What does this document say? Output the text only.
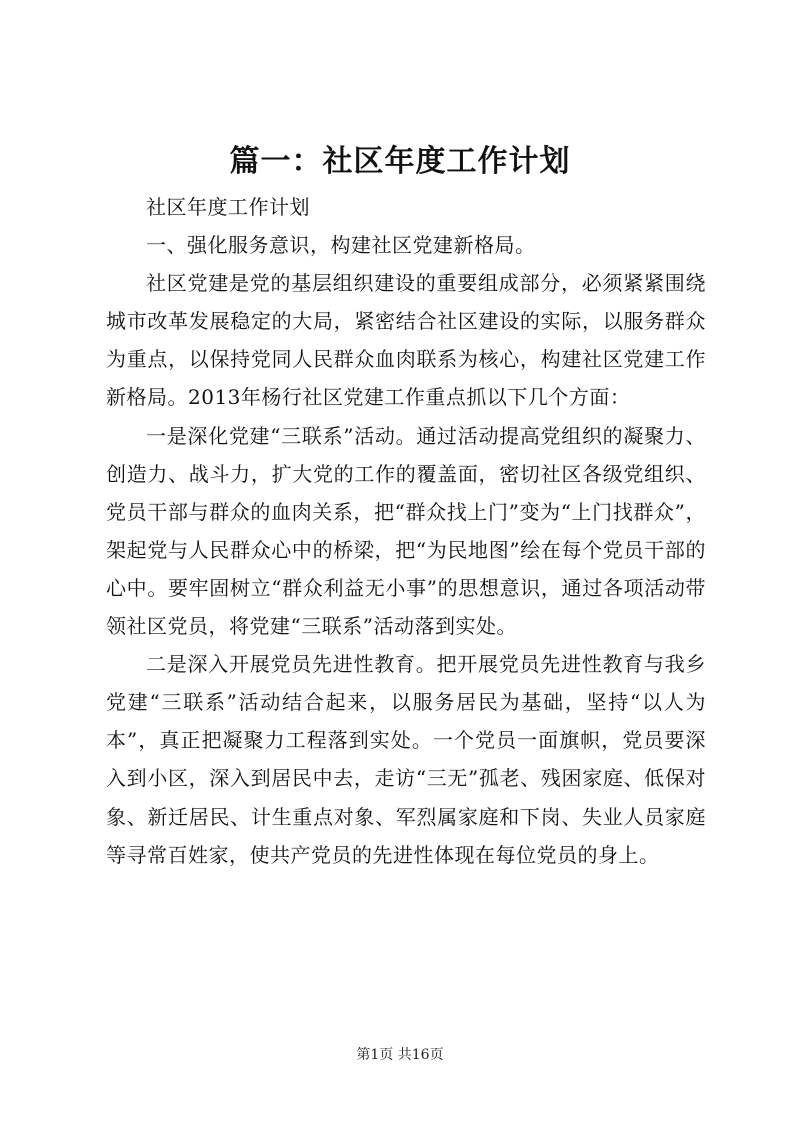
篇一：社区年度工作计划

社区年度工作计划

一、强化服务意识，构建社区党建新格局。

社区党建是党的基层组织建设的重要组成部分，必须紧紧围绕城市改革发展稳定的大局，紧密结合社区建设的实际，以服务群众为重点，以保持党同人民群众血肉联系为核心，构建社区党建工作新格局。2013年杨行社区党建工作重点抓以下几个方面：

一是深化党建“三联系”活动。通过活动提高党组织的凝聚力、创造力、战斗力，扩大党的工作的覆盖面，密切社区各级党组织、党员干部与群众的血肉关系，把“群众找上门”变为“上门找群众”，架起党与人民群众心中的桥梁，把“为民地图”绘在每个党员干部的心中。要牢固树立“群众利益无小事”的思想意识，通过各项活动带领社区党员，将党建“三联系”活动落到实处。

二是深入开展党员先进性教育。把开展党员先进性教育与我乡党建“三联系”活动结合起来，以服务居民为基础，坚持“以人为本”，真正把凝聚力工程落到实处。一个党员一面旗帜，党员要深入到小区，深入到居民中去，走访“三无”孤老、残困家庭、低保对象、新迁居民、计生重点对象、军烈属家庭和下岗、失业人员家庭等寻常百姓家，使共产党员的先进性体现在每位党员的身上。

第1页 共16页
